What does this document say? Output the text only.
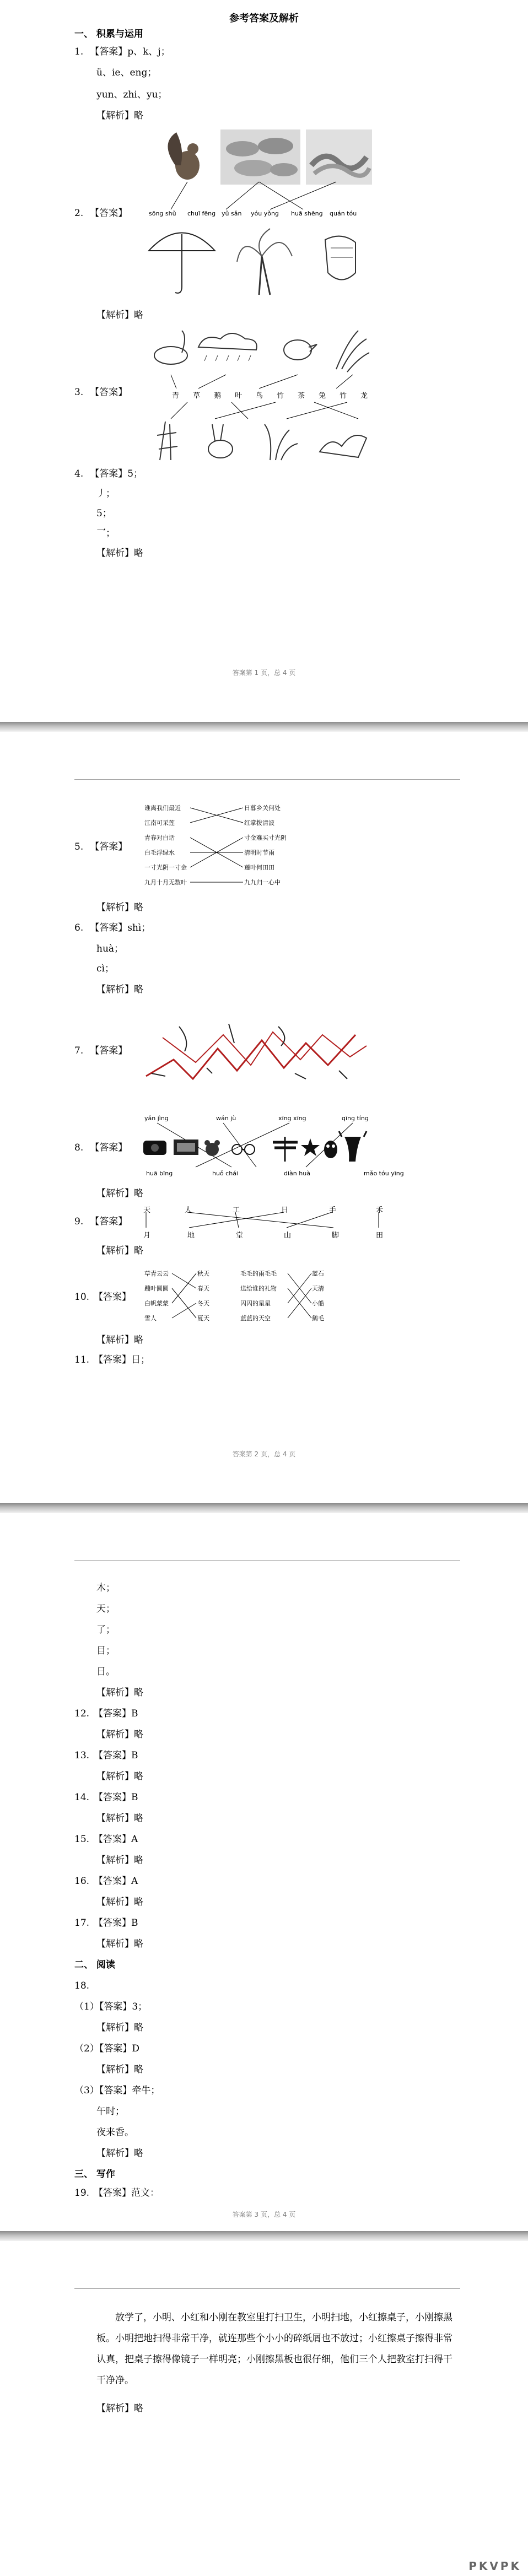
参考答案及解析
一、 积累与运用
1. 【答案】p、k、j；
ü、ie、eng；
yun、zhi、yu；
【解析】略
2. 【答案】	sōng shǔ chuī fēng yǔ sǎn yóu yǒng huā shēng quán tóu
【解析】略
3. 【答案】	青 草 鹅 叶 鸟 竹 茶 兔 竹 龙
4. 【答案】5；
丿；
5；
乛；
【解析】略
答案第 1 页，总 4 页
谁离我们最近
江南可采莲
青春对白话
白毛浮绿水
一寸光阴一寸金
九月十月无数叶
日暮乡关何处
红掌拨清波
寸金难买寸光阴
清明时节雨
莲叶何田田
九九归一心中
5. 【答案】
【解析】略
6. 【答案】shì；
huà；
cì；
【解析】略
7. 【答案】
yǎn jìng	wán jù	xīng xīng	qīng tíng
8. 【答案】
huā bīng	huǒ chái	diàn huà	mǎo tóu yīng
【解析】略
天	人	工	日	手	禾
月	地	堂	山	脚	田
9. 【答案】
【解析】略
草青云云
蹦叶圆圆
白帆蒙蒙
雪人
秋天
春天
冬天
夏天
毛毛的雨毛毛
送给谁的礼物
闪闪的星星
蓝蓝的天空
蓝石
天清
小船
鹅毛
10. 【答案】
【解析】略
11. 【答案】日；
答案第 2 页，总 4 页
木；
天；
了；
目；
日。
【解析】略
12. 【答案】B
【解析】略
13. 【答案】B
【解析】略
14. 【答案】B
【解析】略
15. 【答案】A
【解析】略
16. 【答案】A
【解析】略
17. 【答案】B
【解析】略
二、 阅读
18.
（1）【答案】3；
【解析】略
（2）【答案】D
【解析】略
（3）【答案】牵牛；
午时；
夜来香。
【解析】略
三、 写作
19. 【答案】范文：
答案第 3 页，总 4 页
放学了，小明、小红和小刚在教室里打扫卫生，小明扫地，小红擦桌子，小刚擦黑板。小明把地扫得非常干净，就连那些个小小的碎纸屑也不放过；小红擦桌子擦得非常认真，把桌子擦得像镜子一样明亮；小刚擦黑板也很仔细，他们三个人把教室打扫得干干净净。
【解析】略
PKVPK
